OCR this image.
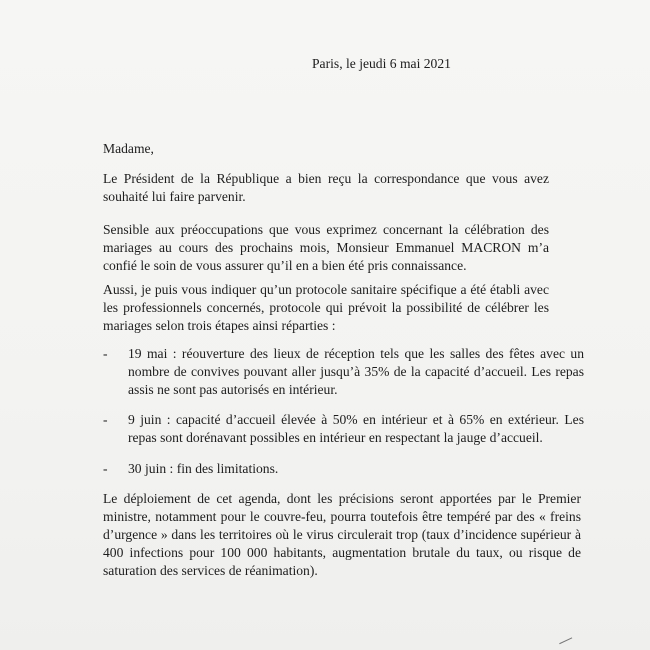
Paris, le jeudi 6 mai 2021
Madame,
Le Président de la République a bien reçu la correspondance que vous avez souhaité lui faire parvenir.
Sensible aux préoccupations que vous exprimez concernant la célébration des mariages au cours des prochains mois, Monsieur Emmanuel MACRON m’a confié le soin de vous assurer qu’il en a bien été pris connaissance.
Aussi, je puis vous indiquer qu’un protocole sanitaire spécifique a été établi avec les professionnels concernés, protocole qui prévoit la possibilité de célébrer les mariages selon trois étapes ainsi réparties :
-	19 mai : réouverture des lieux de réception tels que les salles des fêtes avec un nombre de convives pouvant aller jusqu’à 35% de la capacité d’accueil. Les repas assis ne sont pas autorisés en intérieur.
-	9 juin : capacité d’accueil élevée à 50% en intérieur et à 65% en extérieur. Les repas sont dorénavant possibles en intérieur en respectant la jauge d’accueil.
-	30 juin : fin des limitations.
Le déploiement de cet agenda, dont les précisions seront apportées par le Premier ministre, notamment pour le couvre-feu, pourra toutefois être tempéré par des « freins d’urgence » dans les territoires où le virus circulerait trop (taux d’incidence supérieur à 400 infections pour 100 000 habitants, augmentation brutale du taux, ou risque de saturation des services de réanimation).
